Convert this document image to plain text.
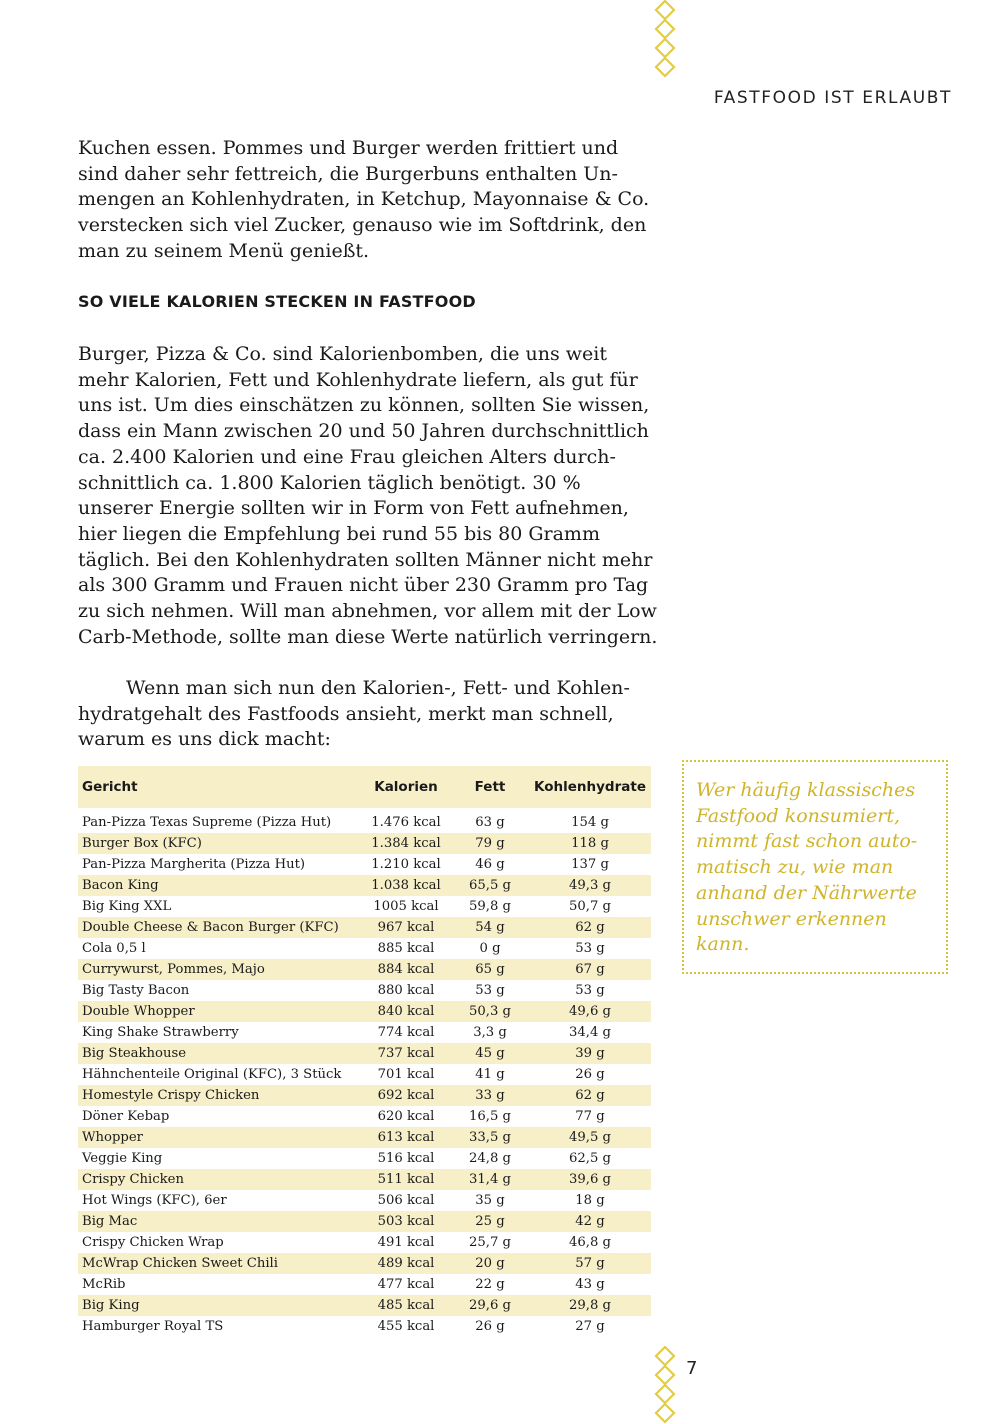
FASTFOOD IST ERLAUBT

Kuchen essen. Pommes und Burger werden frittiert und sind daher sehr fettreich, die Burgerbuns enthalten Unmengen an Kohlenhydraten, in Ketchup, Mayonnaise & Co. verstecken sich viel Zucker, genauso wie im Softdrink, den man zu seinem Menü genießt.

SO VIELE KALORIEN STECKEN IN FASTFOOD

Burger, Pizza & Co. sind Kalorienbomben, die uns weit mehr Kalorien, Fett und Kohlenhydrate liefern, als gut für uns ist. Um dies einschätzen zu können, sollten Sie wissen, dass ein Mann zwischen 20 und 50 Jahren durchschnittlich ca. 2.400 Kalorien und eine Frau gleichen Alters durchschnittlich ca. 1.800 Kalorien täglich benötigt. 30 % unserer Energie sollten wir in Form von Fett aufnehmen, hier liegen die Empfehlung bei rund 55 bis 80 Gramm täglich. Bei den Kohlenhydraten sollten Männer nicht mehr als 300 Gramm und Frauen nicht über 230 Gramm pro Tag zu sich nehmen. Will man abnehmen, vor allem mit der Low Carb-Methode, sollte man diese Werte natürlich verringern.

Wenn man sich nun den Kalorien-, Fett- und Kohlenhydratgehalt des Fastfoods ansieht, merkt man schnell, warum es uns dick macht:

Gericht	Kalorien	Fett	Kohlenhydrate
Pan-Pizza Texas Supreme (Pizza Hut)	1.476 kcal	63 g	154 g
Burger Box (KFC)	1.384 kcal	79 g	118 g
Pan-Pizza Margherita (Pizza Hut)	1.210 kcal	46 g	137 g
Bacon King	1.038 kcal	65,5 g	49,3 g
Big King XXL	1005 kcal	59,8 g	50,7 g
Double Cheese & Bacon Burger (KFC)	967 kcal	54 g	62 g
Cola 0,5 l	885 kcal	0 g	53 g
Currywurst, Pommes, Majo	884 kcal	65 g	67 g
Big Tasty Bacon	880 kcal	53 g	53 g
Double Whopper	840 kcal	50,3 g	49,6 g
King Shake Strawberry	774 kcal	3,3 g	34,4 g
Big Steakhouse	737 kcal	45 g	39 g
Hähnchenteile Original (KFC), 3 Stück	701 kcal	41 g	26 g
Homestyle Crispy Chicken	692 kcal	33 g	62 g
Döner Kebap	620 kcal	16,5 g	77 g
Whopper	613 kcal	33,5 g	49,5 g
Veggie King	516 kcal	24,8 g	62,5 g
Crispy Chicken	511 kcal	31,4 g	39,6 g
Hot Wings (KFC), 6er	506 kcal	35 g	18 g
Big Mac	503 kcal	25 g	42 g
Crispy Chicken Wrap	491 kcal	25,7 g	46,8 g
McWrap Chicken Sweet Chili	489 kcal	20 g	57 g
McRib	477 kcal	22 g	43 g
Big King	485 kcal	29,6 g	29,8 g
Hamburger Royal TS	455 kcal	26 g	27 g

Wer häufig klassisches Fastfood konsumiert, nimmt fast schon automatisch zu, wie man anhand der Nährwerte unschwer erkennen kann.

7
